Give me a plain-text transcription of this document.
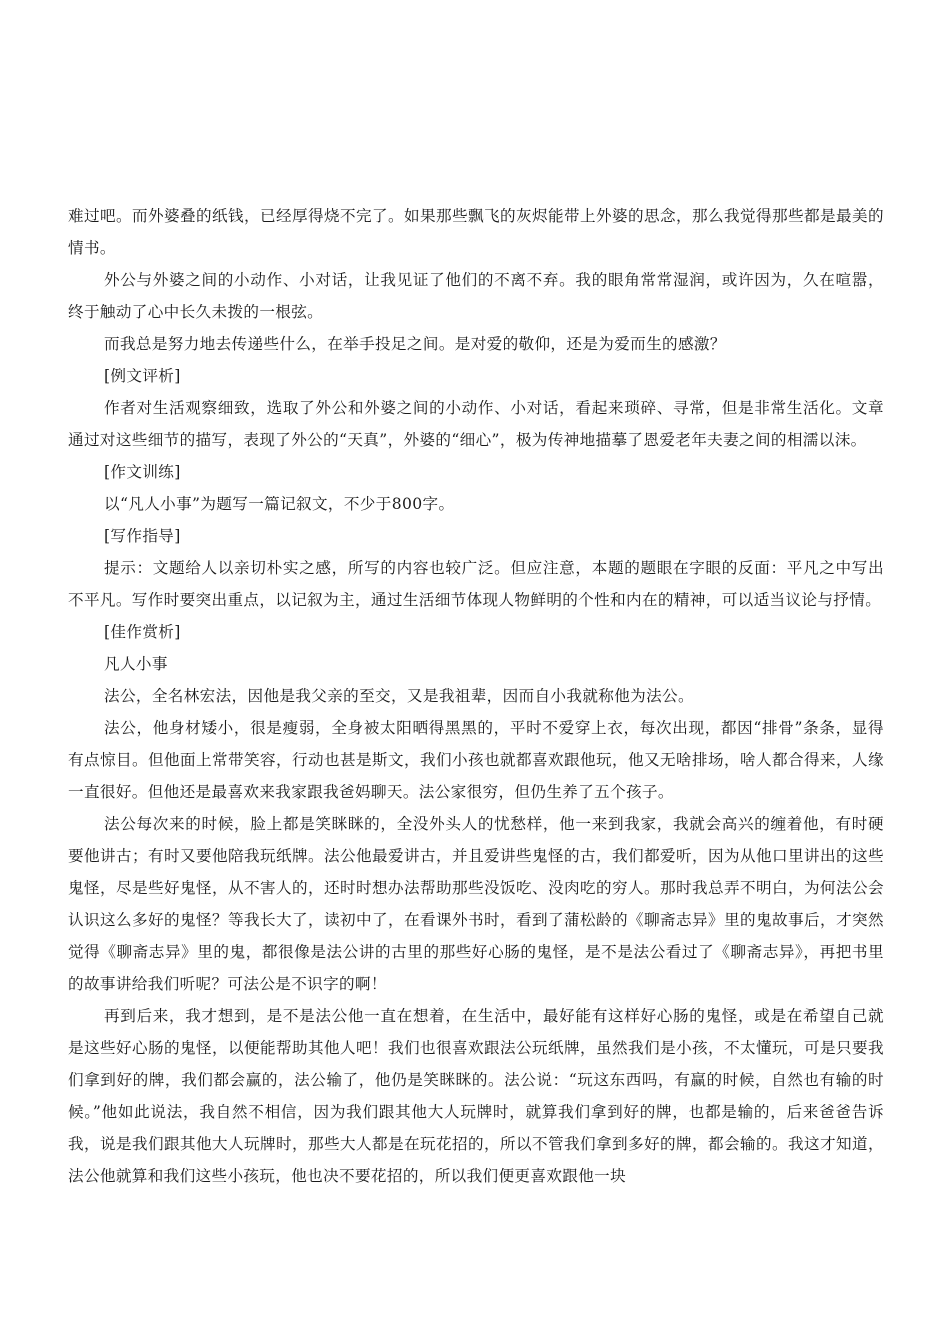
难过吧。而外婆叠的纸钱，已经厚得烧不完了。如果那些飘飞的灰烬能带上外婆的思念，那么我觉得那些都是最美的情书。

外公与外婆之间的小动作、小对话，让我见证了他们的不离不弃。我的眼角常常湿润，或许因为，久在喧嚣，终于触动了心中长久未拨的一根弦。

而我总是努力地去传递些什么，在举手投足之间。是对爱的敬仰，还是为爱而生的感激？

[例文评析]

作者对生活观察细致，选取了外公和外婆之间的小动作、小对话，看起来琐碎、寻常，但是非常生活化。文章通过对这些细节的描写，表现了外公的“天真”，外婆的“细心”，极为传神地描摹了恩爱老年夫妻之间的相濡以沫。

[作文训练]

以“凡人小事”为题写一篇记叙文，不少于800字。

[写作指导]

提示：文题给人以亲切朴实之感，所写的内容也较广泛。但应注意，本题的题眼在字眼的反面：平凡之中写出不平凡。写作时要突出重点，以记叙为主，通过生活细节体现人物鲜明的个性和内在的精神，可以适当议论与抒情。

[佳作赏析]

凡人小事

法公，全名林宏法，因他是我父亲的至交，又是我祖辈，因而自小我就称他为法公。

法公，他身材矮小，很是瘦弱，全身被太阳晒得黑黑的，平时不爱穿上衣，每次出现，都因“排骨”条条，显得有点惊目。但他面上常带笑容，行动也甚是斯文，我们小孩也就都喜欢跟他玩，他又无啥排场，啥人都合得来，人缘一直很好。但他还是最喜欢来我家跟我爸妈聊天。法公家很穷，但仍生养了五个孩子。

法公每次来的时候，脸上都是笑眯眯的，全没外头人的忧愁样，他一来到我家，我就会高兴的缠着他，有时硬要他讲古；有时又要他陪我玩纸牌。法公他最爱讲古，并且爱讲些鬼怪的古，我们都爱听，因为从他口里讲出的这些鬼怪，尽是些好鬼怪，从不害人的，还时时想办法帮助那些没饭吃、没肉吃的穷人。那时我总弄不明白，为何法公会认识这么多好的鬼怪？等我长大了，读初中了，在看课外书时，看到了蒲松龄的《聊斋志异》里的鬼故事后，才突然觉得《聊斋志异》里的鬼，都很像是法公讲的古里的那些好心肠的鬼怪，是不是法公看过了《聊斋志异》，再把书里的故事讲给我们听呢？可法公是不识字的啊！

再到后来，我才想到，是不是法公他一直在想着，在生活中，最好能有这样好心肠的鬼怪，或是在希望自己就是这些好心肠的鬼怪，以便能帮助其他人吧！我们也很喜欢跟法公玩纸牌，虽然我们是小孩，不太懂玩，可是只要我们拿到好的牌，我们都会赢的，法公输了，他仍是笑眯眯的。法公说：“玩这东西吗，有赢的时候，自然也有输的时候。”他如此说法，我自然不相信，因为我们跟其他大人玩牌时，就算我们拿到好的牌，也都是输的，后来爸爸告诉我，说是我们跟其他大人玩牌时，那些大人都是在玩花招的，所以不管我们拿到多好的牌，都会输的。我这才知道，法公他就算和我们这些小孩玩，他也决不要花招的，所以我们便更喜欢跟他一块
